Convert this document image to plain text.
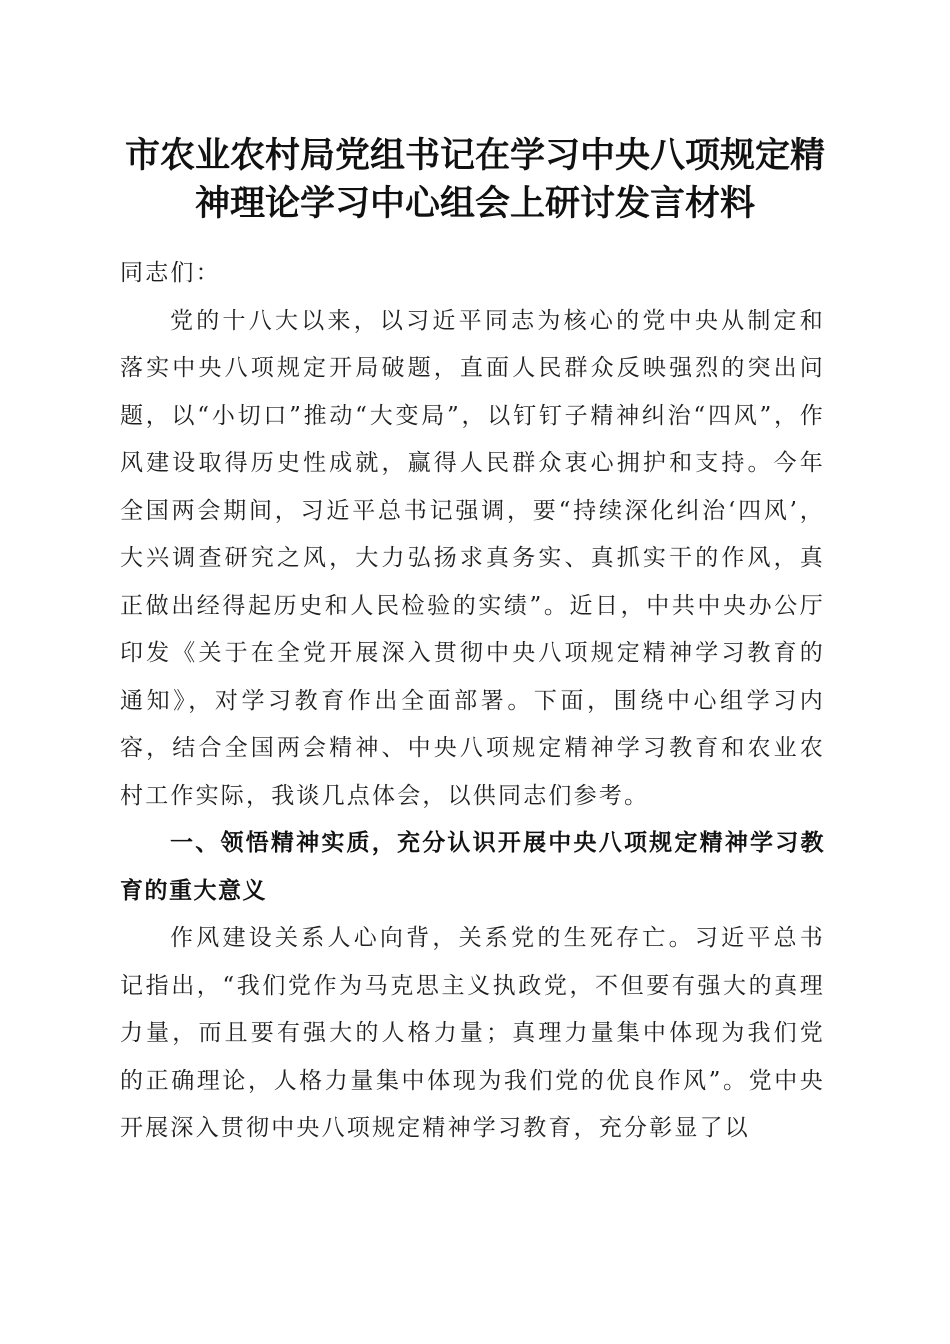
市农业农村局党组书记在学习中央八项规定精
神理论学习中心组会上研讨发言材料

同志们：

党的十八大以来，以习近平同志为核心的党中央从制定和落实中央八项规定开局破题，直面人民群众反映强烈的突出问题，以“小切口”推动“大变局”，以钉钉子精神纠治“四风”，作风建设取得历史性成就，赢得人民群众衷心拥护和支持。今年全国两会期间，习近平总书记强调，要“持续深化纠治‘四风’，大兴调查研究之风，大力弘扬求真务实、真抓实干的作风，真正做出经得起历史和人民检验的实绩”。近日，中共中央办公厅印发《关于在全党开展深入贯彻中央八项规定精神学习教育的通知》，对学习教育作出全面部署。下面，围绕中心组学习内容，结合全国两会精神、中央八项规定精神学习教育和农业农村工作实际，我谈几点体会，以供同志们参考。

一、领悟精神实质，充分认识开展中央八项规定精神学习教育的重大意义

作风建设关系人心向背，关系党的生死存亡。习近平总书记指出，“我们党作为马克思主义执政党，不但要有强大的真理力量，而且要有强大的人格力量；真理力量集中体现为我们党的正确理论，人格力量集中体现为我们党的优良作风”。党中央开展深入贯彻中央八项规定精神学习教育，充分彰显了以
